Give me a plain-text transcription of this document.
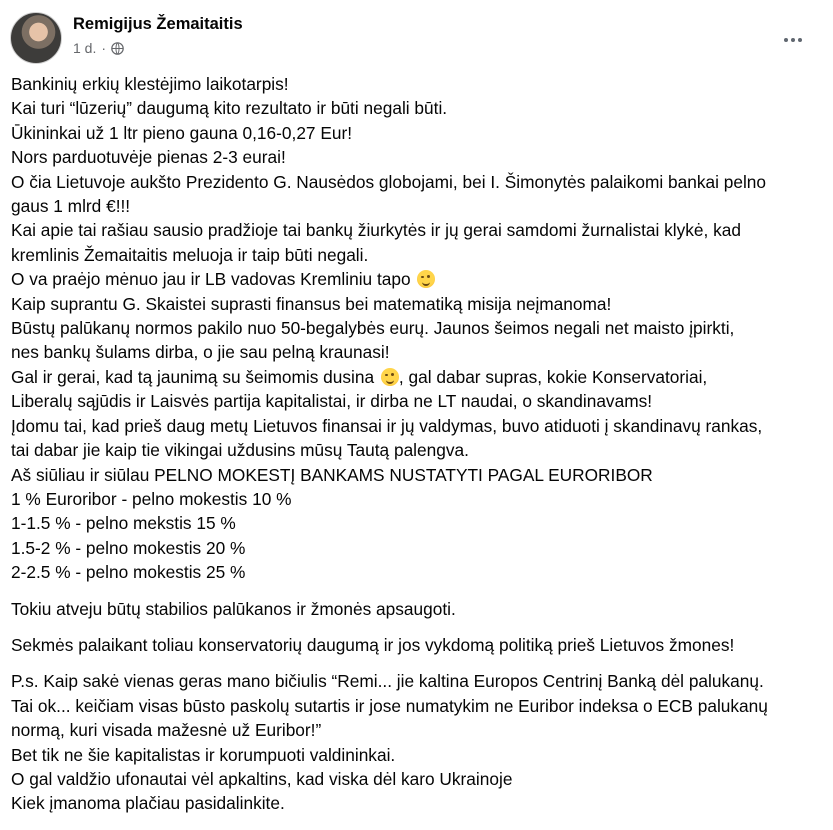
Remigijus Žemaitaitis
1 d. ·
Bankinių erkių klestėjimo laikotarpis!
Kai turi “lūzerių” daugumą kito rezultato ir būti negali būti.
Ūkininkai už 1 ltr pieno gauna 0,16-0,27 Eur!
Nors parduotuvėje pienas 2-3 eurai!
O čia Lietuvoje aukšto Prezidento G. Nausėdos globojami, bei I. Šimonytės palaikomi bankai pelno
gaus 1 mlrd €!!!
Kai apie tai rašiau sausio pradžioje tai bankų žiurkytės ir jų gerai samdomi žurnalistai klykė, kad
kremlinis Žemaitaitis meluoja ir taip būti negali.
O va praėjo mėnuo jau ir LB vadovas Kremliniu tapo
Kaip suprantu G. Skaistei suprasti finansus bei matematiką misija neįmanoma!
Būstų palūkanų normos pakilo nuo 50-begalybės eurų. Jaunos šeimos negali net maisto įpirkti,
nes bankų šulams dirba, o jie sau pelną kraunasi!
Gal ir gerai, kad tą jaunimą su šeimomis dusina , gal dabar supras, kokie Konservatoriai,
Liberalų sąjūdis ir Laisvės partija kapitalistai, ir dirba ne LT naudai, o skandinavams!
Įdomu tai, kad prieš daug metų Lietuvos finansai ir jų valdymas, buvo atiduoti į skandinavų rankas,
tai dabar jie kaip tie vikingai uždusins mūsų Tautą palengva.
Aš siūliau ir siūlau PELNO MOKESTĮ BANKAMS NUSTATYTI PAGAL EURORIBOR
1 % Euroribor - pelno mokestis 10 %
1-1.5 % - pelno mekstis 15 %
1.5-2 % - pelno mokestis 20 %
2-2.5 % - pelno mokestis 25 %
Tokiu atveju būtų stabilios palūkanos ir žmonės apsaugoti.
Sekmės palaikant toliau konservatorių daugumą ir jos vykdomą politiką prieš Lietuvos žmones!
P.s. Kaip sakė vienas geras mano bičiulis “Remi... jie kaltina Europos Centrinį Banką dėl palukanų.
Tai ok... keičiam visas būsto paskolų sutartis ir jose numatykim ne Euribor indeksa o ECB palukanų
normą, kuri visada mažesnė už Euribor!”
Bet tik ne šie kapitalistas ir korumpuoti valdininkai.
O gal valdžio ufonautai vėl apkaltins, kad viska dėl karo Ukrainoje
Kiek įmanoma plačiau pasidalinkite.
